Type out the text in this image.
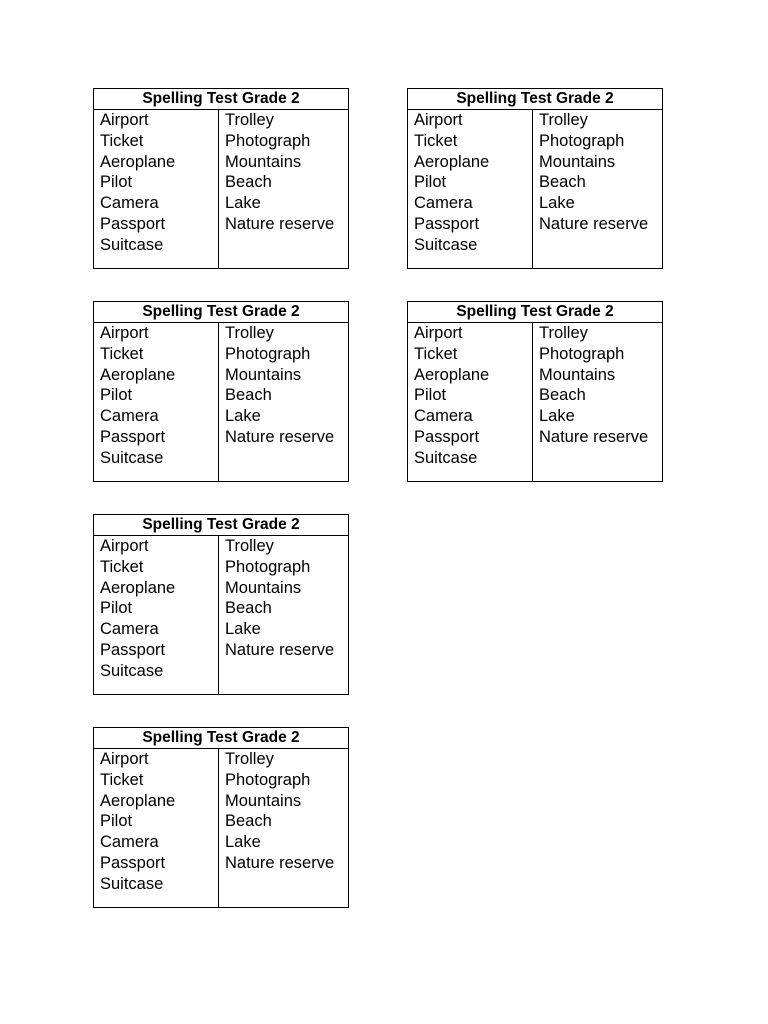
Spelling Test Grade 2
Airport
Ticket
Aeroplane
Pilot
Camera
Passport
Suitcase
Trolley
Photograph
Mountains
Beach
Lake
Nature reserve
Spelling Test Grade 2
Airport
Ticket
Aeroplane
Pilot
Camera
Passport
Suitcase
Trolley
Photograph
Mountains
Beach
Lake
Nature reserve
Spelling Test Grade 2
Airport
Ticket
Aeroplane
Pilot
Camera
Passport
Suitcase
Trolley
Photograph
Mountains
Beach
Lake
Nature reserve
Spelling Test Grade 2
Airport
Ticket
Aeroplane
Pilot
Camera
Passport
Suitcase
Trolley
Photograph
Mountains
Beach
Lake
Nature reserve
Spelling Test Grade 2
Airport
Ticket
Aeroplane
Pilot
Camera
Passport
Suitcase
Trolley
Photograph
Mountains
Beach
Lake
Nature reserve
Spelling Test Grade 2
Airport
Ticket
Aeroplane
Pilot
Camera
Passport
Suitcase
Trolley
Photograph
Mountains
Beach
Lake
Nature reserve
